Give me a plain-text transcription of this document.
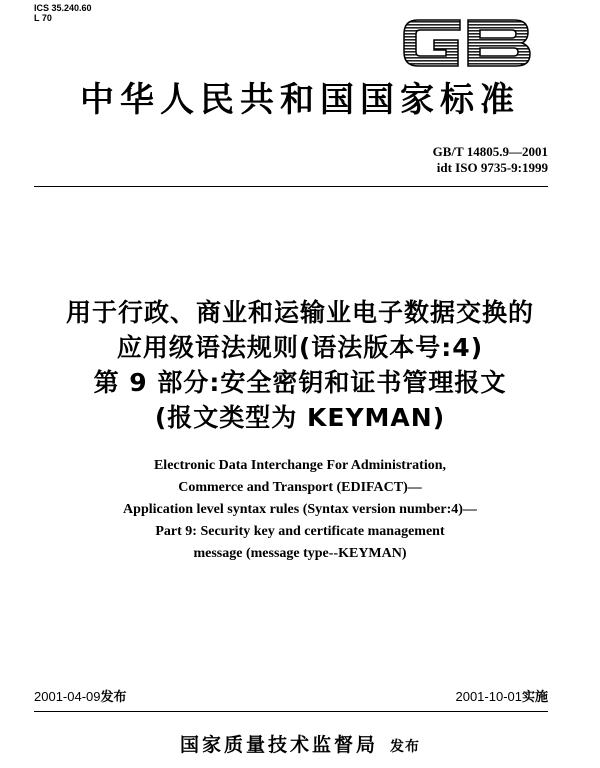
ICS 35.240.60
L 70
中华人民共和国国家标准
GB/T 14805.9—2001
idt ISO 9735-9:1999
用于行政、商业和运输业电子数据交换的
应用级语法规则(语法版本号:4)
第 9 部分:安全密钥和证书管理报文
(报文类型为 KEYMAN)
Electronic Data Interchange For Administration,
Commerce and Transport (EDIFACT)—
Application level syntax rules (Syntax version number:4)—
Part 9: Security key and certificate management
message (message type--KEYMAN)
2001-04-09发布	2001-10-01实施
国家质量技术监督局 发布
